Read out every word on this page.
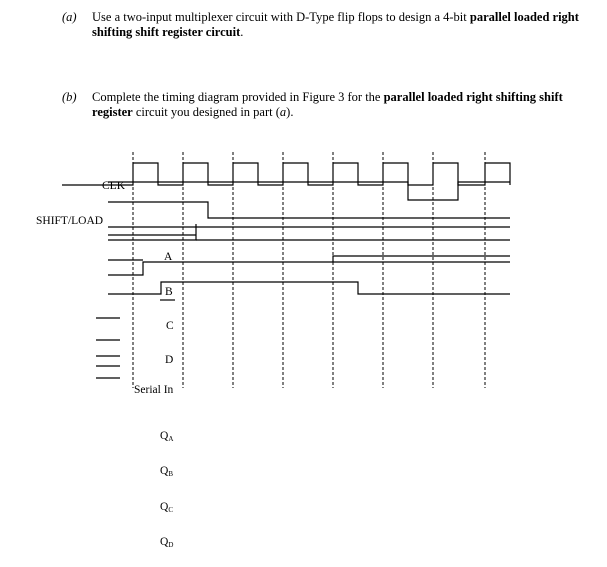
(a) Use a two-input multiplexer circuit with D-Type flip flops to design a 4-bit parallel loaded right shifting shift register circuit.
(b) Complete the timing diagram provided in Figure 3 for the parallel loaded right shifting shift register circuit you designed in part (a).
CLK
SHIFT/LOAD
A
B
C
D
Serial In
QA
QB
QC
QD
